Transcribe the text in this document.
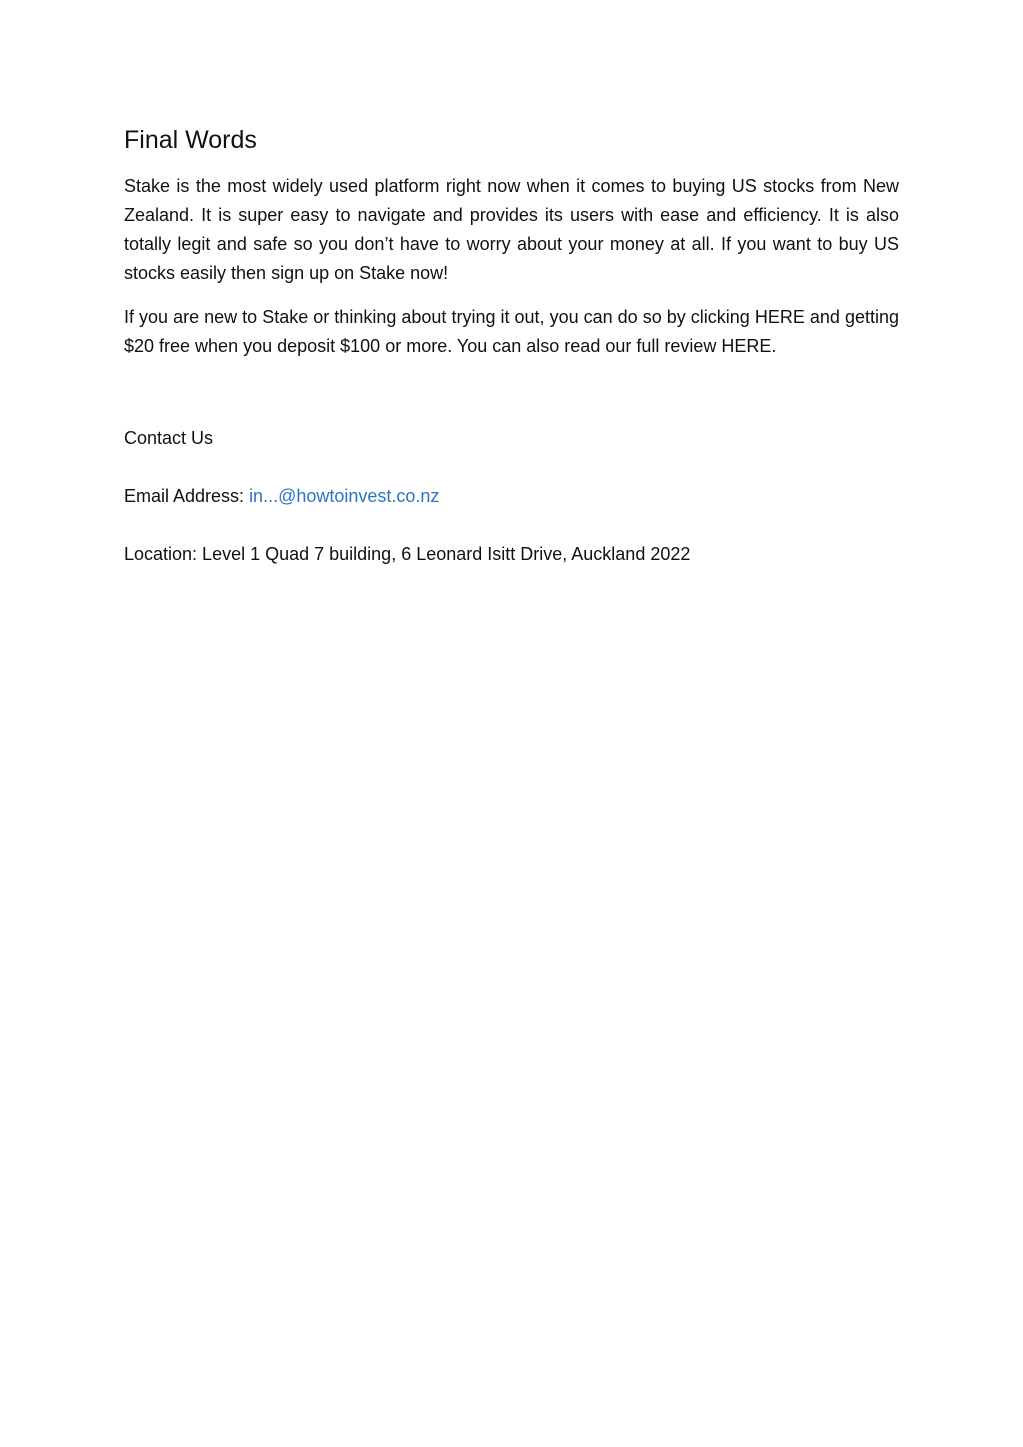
Final Words

Stake is the most widely used platform right now when it comes to buying US stocks from New Zealand. It is super easy to navigate and provides its users with ease and efficiency. It is also totally legit and safe so you don’t have to worry about your money at all. If you want to buy US stocks easily then sign up on Stake now!

If you are new to Stake or thinking about trying it out, you can do so by clicking HERE and getting $20 free when you deposit $100 or more. You can also read our full review HERE.

Contact Us
Email Address: in...@howtoinvest.co.nz
Location: Level 1 Quad 7 building, 6 Leonard Isitt Drive, Auckland 2022
